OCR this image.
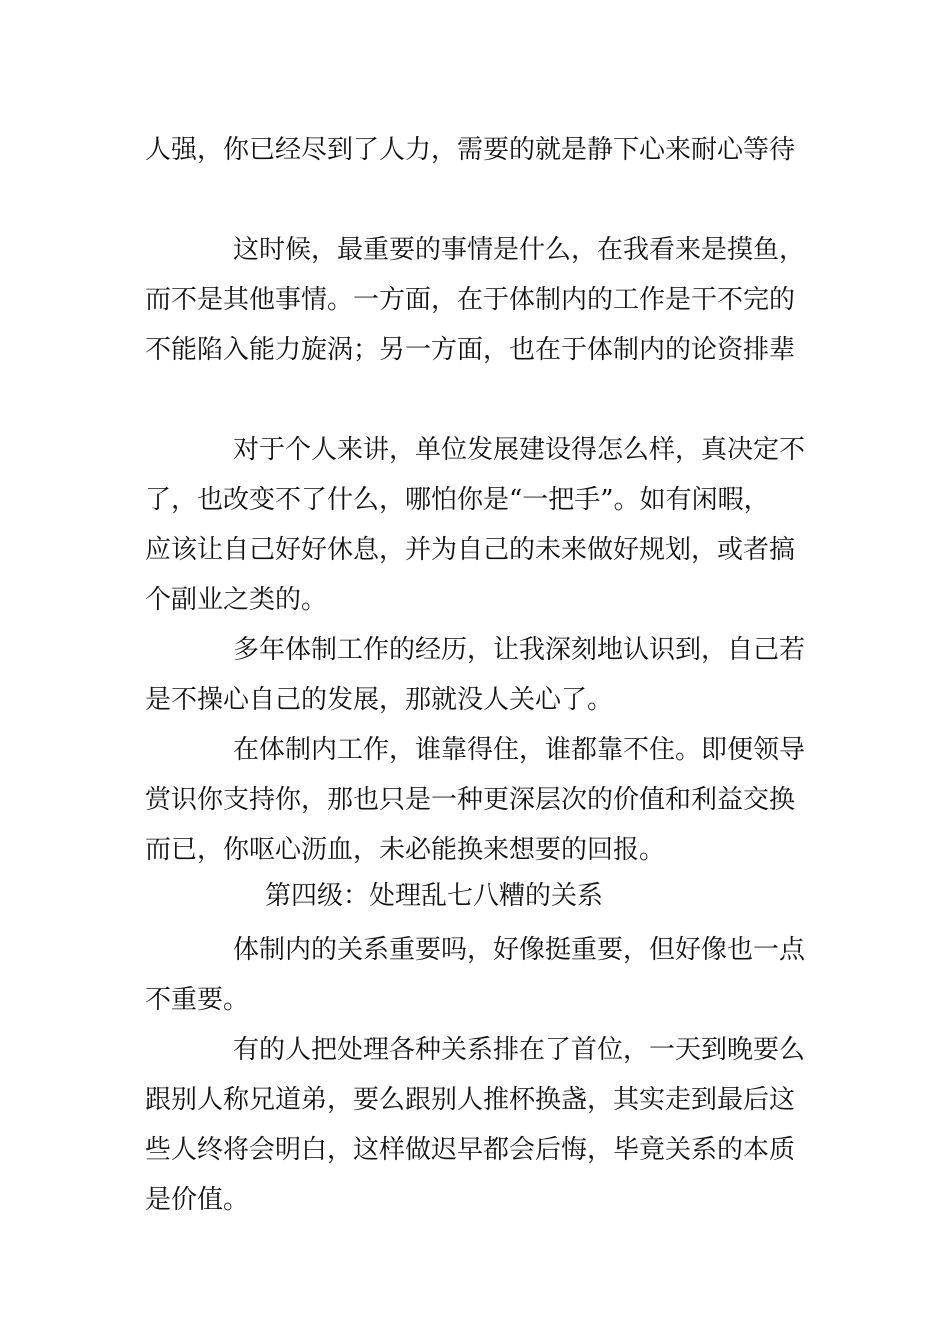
人强，你已经尽到了人力，需要的就是静下心来耐心等待
这时候，最重要的事情是什么，在我看来是摸鱼，
而不是其他事情。一方面，在于体制内的工作是干不完的
不能陷入能力旋涡；另一方面，也在于体制内的论资排辈
对于个人来讲，单位发展建设得怎么样，真决定不
了，也改变不了什么，哪怕你是“一把手”。如有闲暇，
应该让自己好好休息，并为自己的未来做好规划，或者搞
个副业之类的。
多年体制工作的经历，让我深刻地认识到，自己若
是不操心自己的发展，那就没人关心了。
在体制内工作，谁靠得住，谁都靠不住。即便领导
赏识你支持你，那也只是一种更深层次的价值和利益交换
而已，你呕心沥血，未必能换来想要的回报。
第四级：处理乱七八糟的关系
体制内的关系重要吗，好像挺重要，但好像也一点
不重要。
有的人把处理各种关系排在了首位，一天到晚要么
跟别人称兄道弟，要么跟别人推杯换盏，其实走到最后这
些人终将会明白，这样做迟早都会后悔，毕竟关系的本质
是价值。
